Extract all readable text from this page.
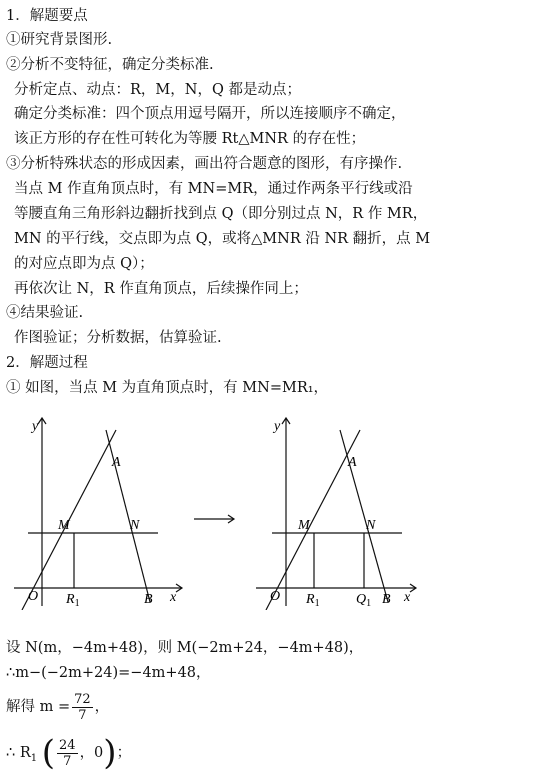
1．解题要点
①研究背景图形.
②分析不变特征，确定分类标准.
分析定点、动点：R，M，N，Q 都是动点；
确定分类标准：四个顶点用逗号隔开，所以连接顺序不确定，
该正方形的存在性可转化为等腰 Rt△MNR 的存在性；
③分析特殊状态的形成因素，画出符合题意的图形，有序操作.
当点 M 作直角顶点时，有 MN=MR，通过作两条平行线或沿
等腰直角三角形斜边翻折找到点 Q（即分别过点 N，R 作 MR，
MN 的平行线，交点即为点 Q，或将△MNR 沿 NR 翻折，点 M
的对应点即为点 Q）；
再依次让 N，R 作直角顶点，后续操作同上；
④结果验证.
作图验证；分析数据，估算验证.
2．解题过程
① 如图，当点 M 为直角顶点时，有 MN=MR₁，
y
x
O
A
M	N
$R_1$	B
y
x
O
A
M	N
$R_1$	$Q_1$ B
设 N(m，−4m+48)，则 M(−2m+24，−4m+48)，
∴m−(−2m+24)=−4m+48，
解得 $m = \frac{72}{7}$ ，
∴ $R_1$ ( $\frac{24}{7}$ ，0)；
